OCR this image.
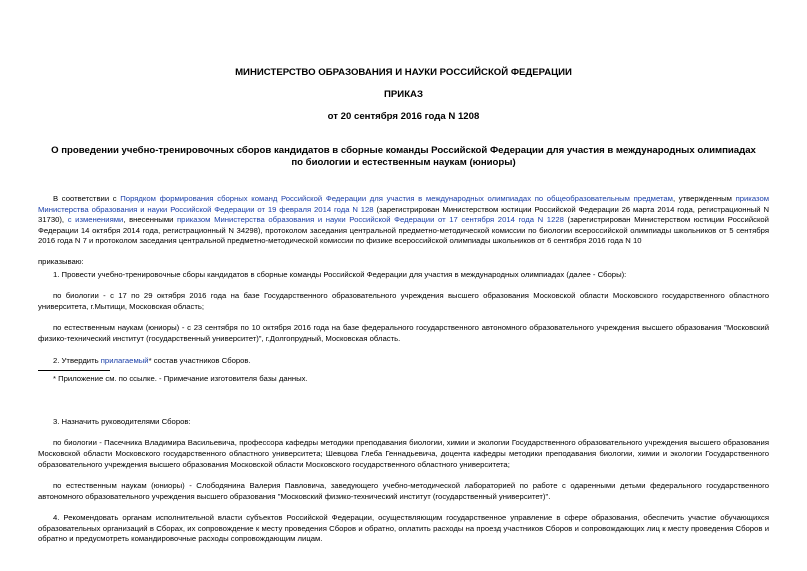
МИНИСТЕРСТВО ОБРАЗОВАНИЯ И НАУКИ РОССИЙСКОЙ ФЕДЕРАЦИИ

ПРИКАЗ

от 20 сентября 2016 года N 1208

О проведении учебно-тренировочных сборов кандидатов в сборные команды Российской Федерации для участия в международных олимпиадах по биологии и естественным наукам (юниоры)

В соответствии с Порядком формирования сборных команд Российской Федерации для участия в международных олимпиадах по общеобразовательным предметам, утвержденным приказом Министерства образования и науки Российской Федерации от 19 февраля 2014 года N 128 (зарегистрирован Министерством юстиции Российской Федерации 26 марта 2014 года, регистрационный N 31730), с изменениями, внесенными приказом Министерства образования и науки Российской Федерации от 17 сентября 2014 года N 1228 (зарегистрирован Министерством юстиции Российской Федерации 14 октября 2014 года, регистрационный N 34298), протоколом заседания центральной предметно-методической комиссии по биологии всероссийской олимпиады школьников от 5 сентября 2016 года N 7 и протоколом заседания центральной предметно-методической комиссии по физике всероссийской олимпиады школьников от 6 сентября 2016 года N 10

приказываю:

1. Провести учебно-тренировочные сборы кандидатов в сборные команды Российской Федерации для участия в международных олимпиадах (далее - Сборы):

по биологии - с 17 по 29 октября 2016 года на базе Государственного образовательного учреждения высшего образования Московской области Московского государственного областного университета, г.Мытищи, Московская область;

по естественным наукам (юниоры) - с 23 сентября по 10 октября 2016 года на базе федерального государственного автономного образовательного учреждения высшего образования "Московский физико-технический институт (государственный университет)", г.Долгопрудный, Московская область.

2. Утвердить прилагаемый* состав участников Сборов.

* Приложение см. по ссылке. - Примечание изготовителя базы данных.

3. Назначить руководителями Сборов:

по биологии - Пасечника Владимира Васильевича, профессора кафедры методики преподавания биологии, химии и экологии Государственного образовательного учреждения высшего образования Московской области Московского государственного областного университета; Шевцова Глеба Геннадьевича, доцента кафедры методики преподавания биологии, химии и экологии Государственного образовательного учреждения высшего образования Московской области Московского государственного областного университета;

по естественным наукам (юниоры) - Слободянина Валерия Павловича, заведующего учебно-методической лабораторией по работе с одаренными детьми федерального государственного автономного образовательного учреждения высшего образования "Московский физико-технический институт (государственный университет)".

4. Рекомендовать органам исполнительной власти субъектов Российской Федерации, осуществляющим государственное управление в сфере образования, обеспечить участие обучающихся образовательных организаций в Сборах, их сопровождение к месту проведения Сборов и обратно, оплатить расходы на проезд участников Сборов и сопровождающих лиц к месту проведения Сборов и обратно и предусмотреть командировочные расходы сопровождающим лицам.
